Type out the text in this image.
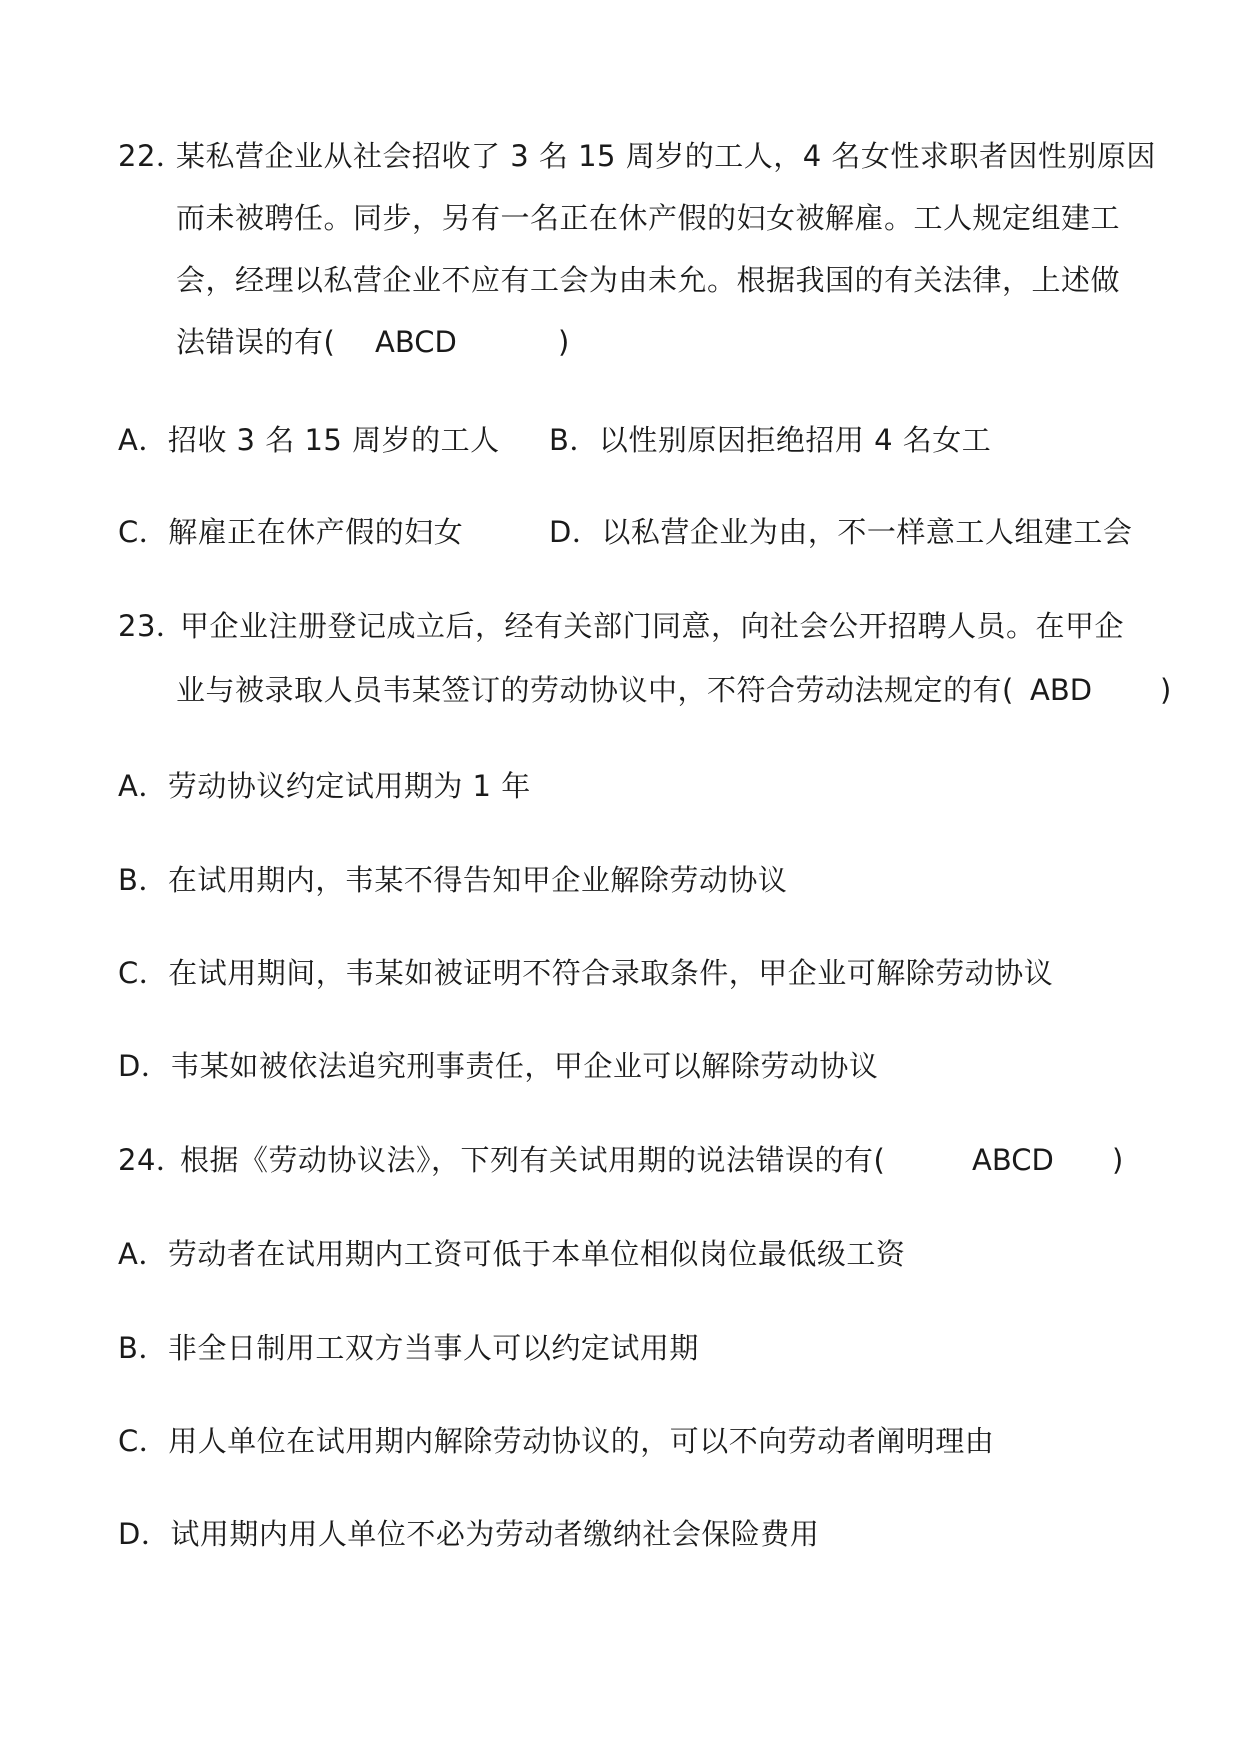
22．
某私营企业从社会招收了 3 名 15 周岁的工人，4 名女性求职者因性别原因
而未被聘任。同步，另有一名正在休产假的妇女被解雇。工人规定组建工
会，经理以私营企业不应有工会为由未允。根据我国的有关法律，上述做
法错误的有( ABCD	)
A．招收 3 名 15 周岁的工人 B．以性别原因拒绝招用 4 名女工
C．解雇正在休产假的妇女	D．以私营企业为由，不一样意工人组建工会
23．
甲企业注册登记成立后，经有关部门同意，向社会公开招聘人员。在甲企
业与被录取人员韦某签订的劳动协议中，不符合劳动法规定的有( ABD )
A．劳动协议约定试用期为 1 年
B．在试用期内，韦某不得告知甲企业解除劳动协议
C．在试用期间，韦某如被证明不符合录取条件，甲企业可解除劳动协议
D．韦某如被依法追究刑事责任，甲企业可以解除劳动协议
24．
根据《劳动协议法》，下列有关试用期的说法错误的有(	ABCD )
A．劳动者在试用期内工资可低于本单位相似岗位最低级工资
B．非全日制用工双方当事人可以约定试用期
C．用人单位在试用期内解除劳动协议的，可以不向劳动者阐明理由
D．试用期内用人单位不必为劳动者缴纳社会保险费用
